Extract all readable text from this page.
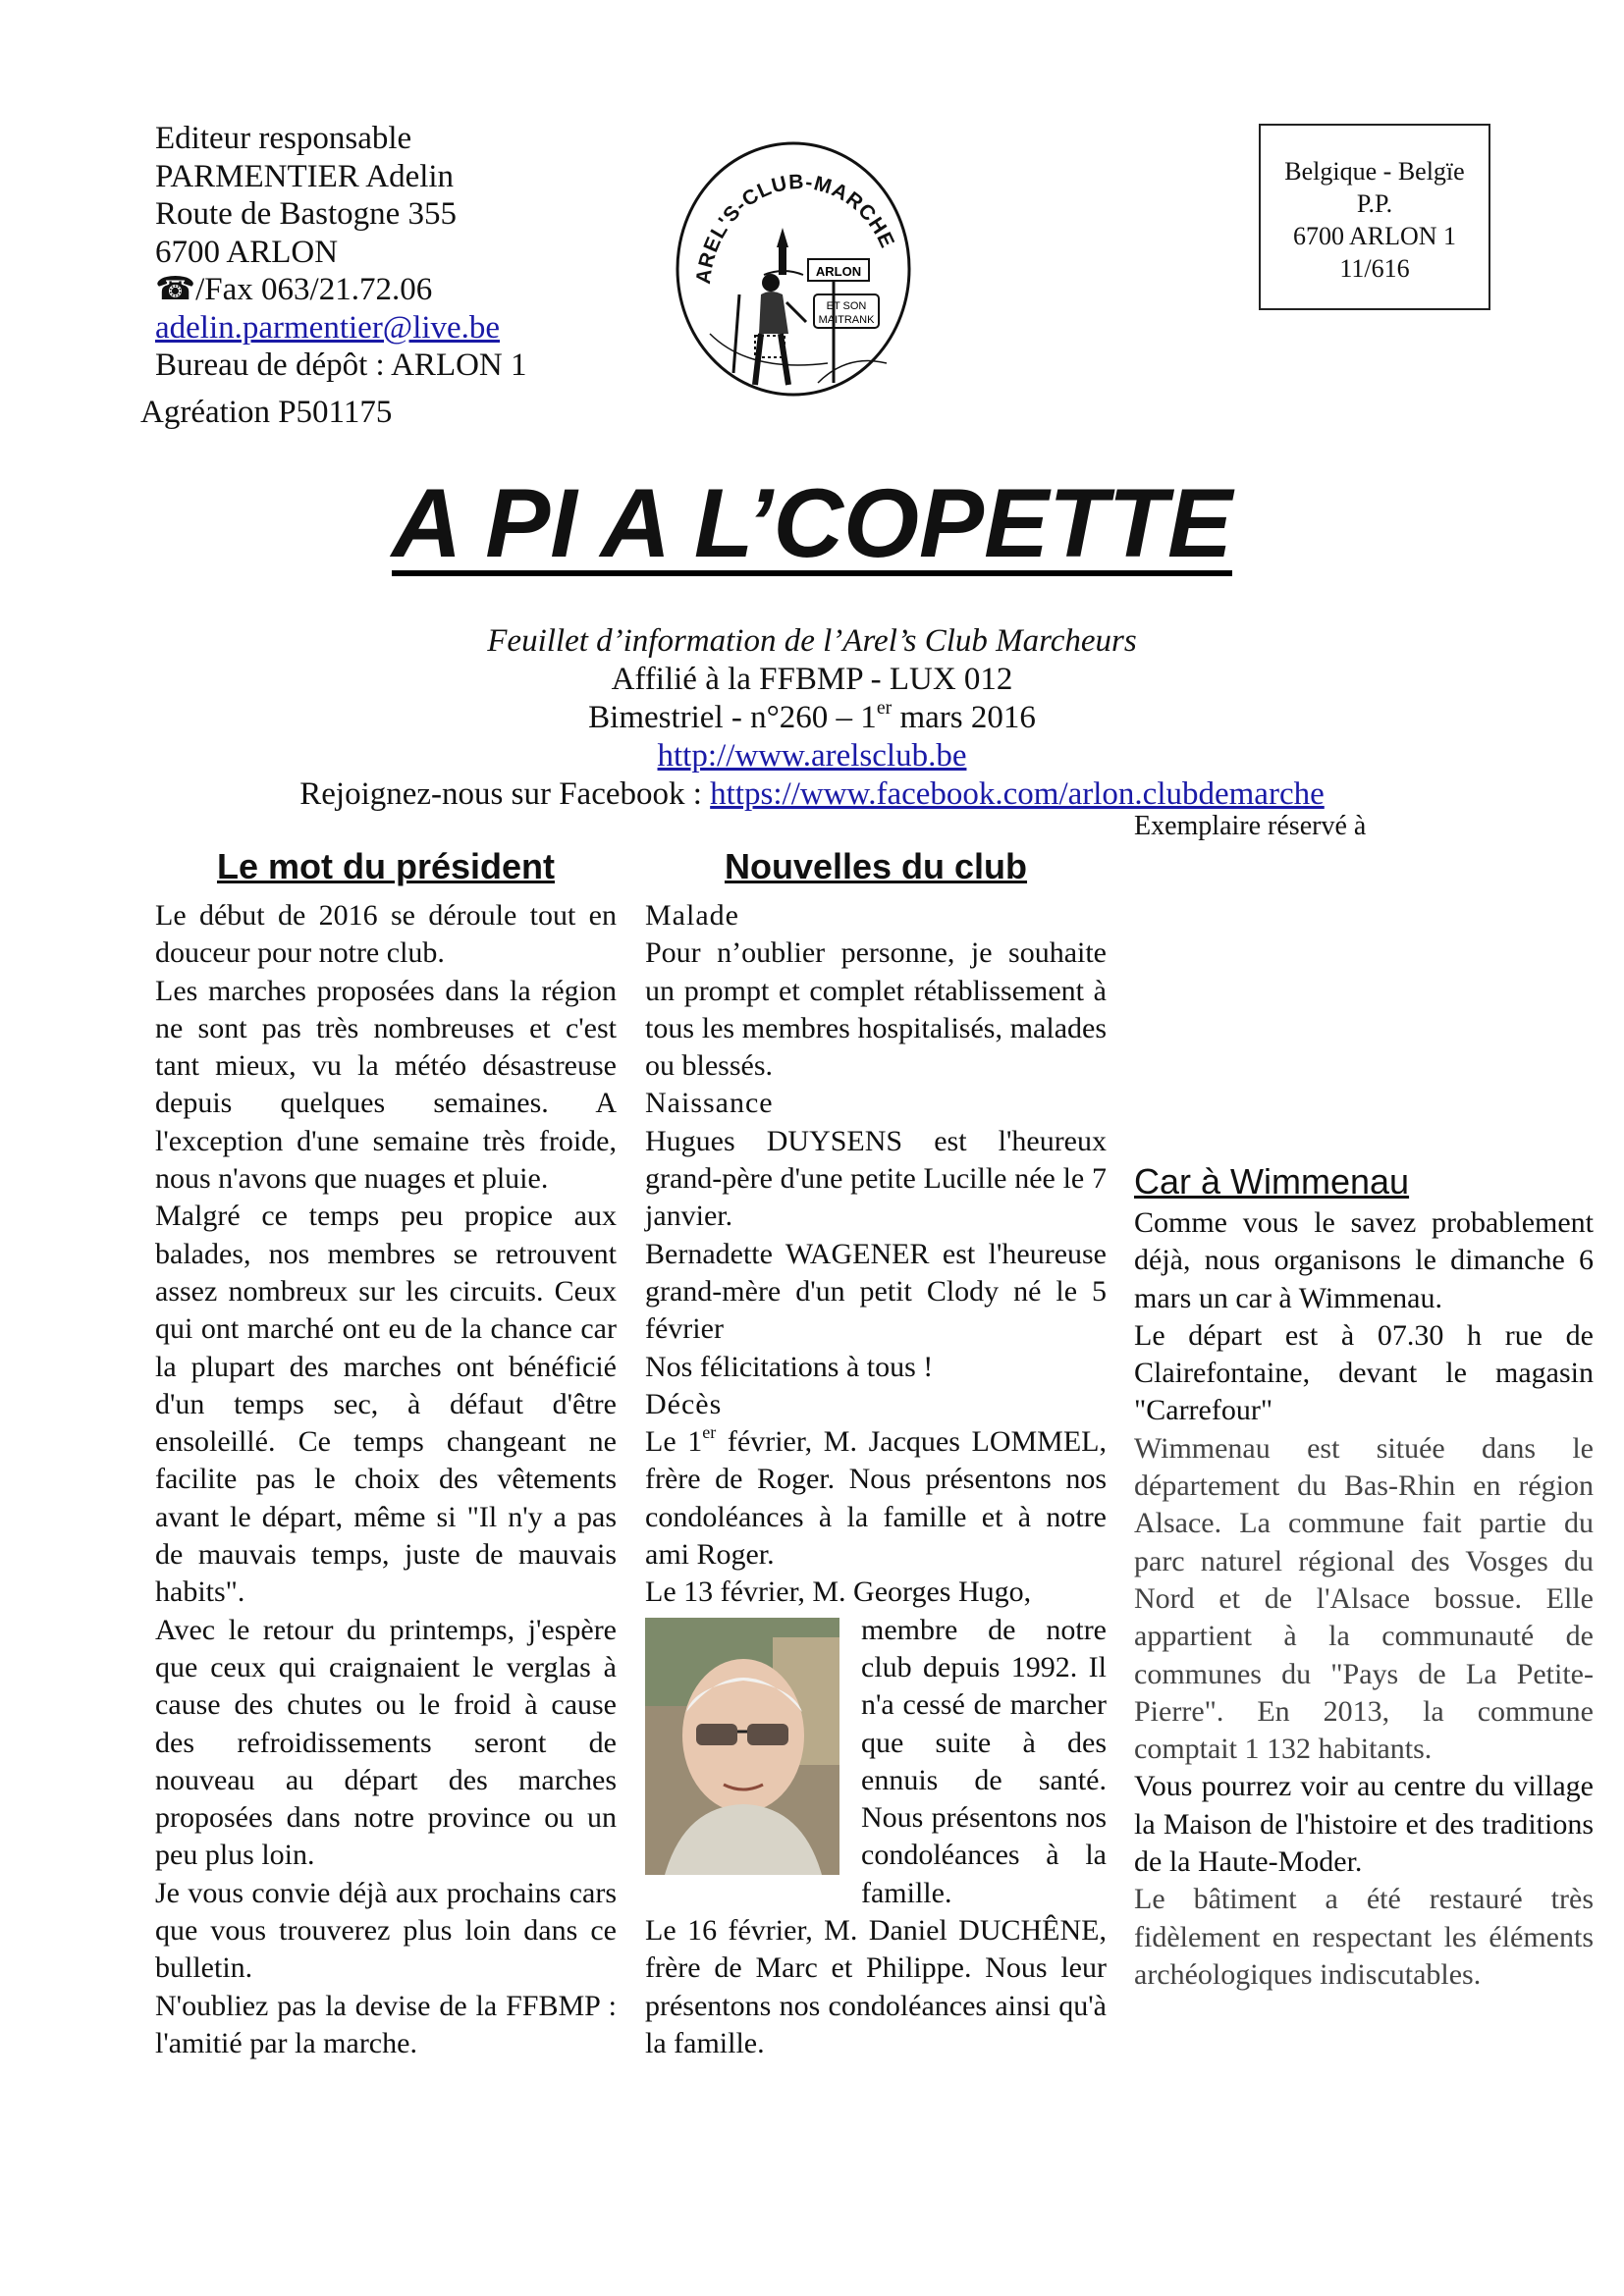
Editeur responsable
PARMENTIER Adelin
Route de Bastogne 355
6700 ARLON
☎/Fax 063/21.72.06
adelin.parmentier@live.be
Bureau de dépôt : ARLON 1
Agréation P501175
AREL'S-CLUB-MARCHE
ARLON
ET SON
MAITRANK
Belgique - Belgïe
P.P.
6700 ARLON 1
11/616
A PI A L’COPETTE
Feuillet d’information de l’Arel’s Club Marcheurs
Affilié à la FFBMP - LUX 012
Bimestriel - n°260 – 1er mars 2016
http://www.arelsclub.be
Rejoignez-nous sur Facebook : https://www.facebook.com/arlon.clubdemarche
Exemplaire réservé à
Le mot du président

Le début de 2016 se déroule tout en douceur pour notre club.

Les marches proposées dans la région ne sont pas très nombreuses et c'est tant mieux, vu la météo désastreuse depuis quelques semaines. A l'exception d'une semaine très froide, nous n'avons que nuages et pluie.

Malgré ce temps peu propice aux balades, nos membres se retrouvent assez nombreux sur les circuits. Ceux qui ont marché ont eu de la chance car la plupart des marches ont bénéficié d'un temps sec, à défaut d'être ensoleillé. Ce temps changeant ne facilite pas le choix des vêtements avant le départ, même si "Il n'y a pas de mauvais temps, juste de mauvais habits".

Avec le retour du printemps, j'espère que ceux qui craignaient le verglas à cause des chutes ou le froid à cause des refroidissements seront de nouveau au départ des marches proposées dans notre province ou un peu plus loin.

Je vous convie déjà aux prochains cars que vous trouverez plus loin dans ce bulletin.

N'oubliez pas la devise de la FFBMP : l'amitié par la marche.

Nouvelles du club

Malade

Pour n’oublier personne, je souhaite un prompt et complet rétablissement à tous les membres hospitalisés, malades ou blessés.

Naissance

Hugues DUYSENS est l'heureux grand-père d'une petite Lucille née le 7 janvier.

Bernadette WAGENER est l'heureuse grand-mère d'un petit Clody né le 5 février

Nos félicitations à tous !

Décès

Le 1er février, M. Jacques LOMMEL, frère de Roger. Nous présentons nos condoléances à la famille et à notre ami Roger.

Le 13 février, M. Georges Hugo,

membre de notre club depuis 1992. Il n'a cessé de marcher que suite à des ennuis de santé. Nous présentons nos condoléances à la famille.

Le 16 février, M. Daniel DUCHÊNE, frère de Marc et Philippe. Nous leur présentons nos condoléances ainsi qu'à la famille.

Car à Wimmenau

Comme vous le savez probablement déjà, nous organisons le dimanche 6 mars un car à Wimmenau.

Le départ est à 07.30 h rue de Clairefontaine, devant le magasin "Carrefour"

Wimmenau est située dans le département du Bas-Rhin en région Alsace. La commune fait partie du parc naturel régional des Vosges du Nord et de l'Alsace bossue. Elle appartient à la communauté de communes du "Pays de La Petite-Pierre". En 2013, la commune comptait 1 132 habitants.

Vous pourrez voir au centre du village la Maison de l'histoire et des traditions de la Haute-Moder.

Le bâtiment a été restauré très fidèlement en respectant les éléments archéologiques indiscutables.
